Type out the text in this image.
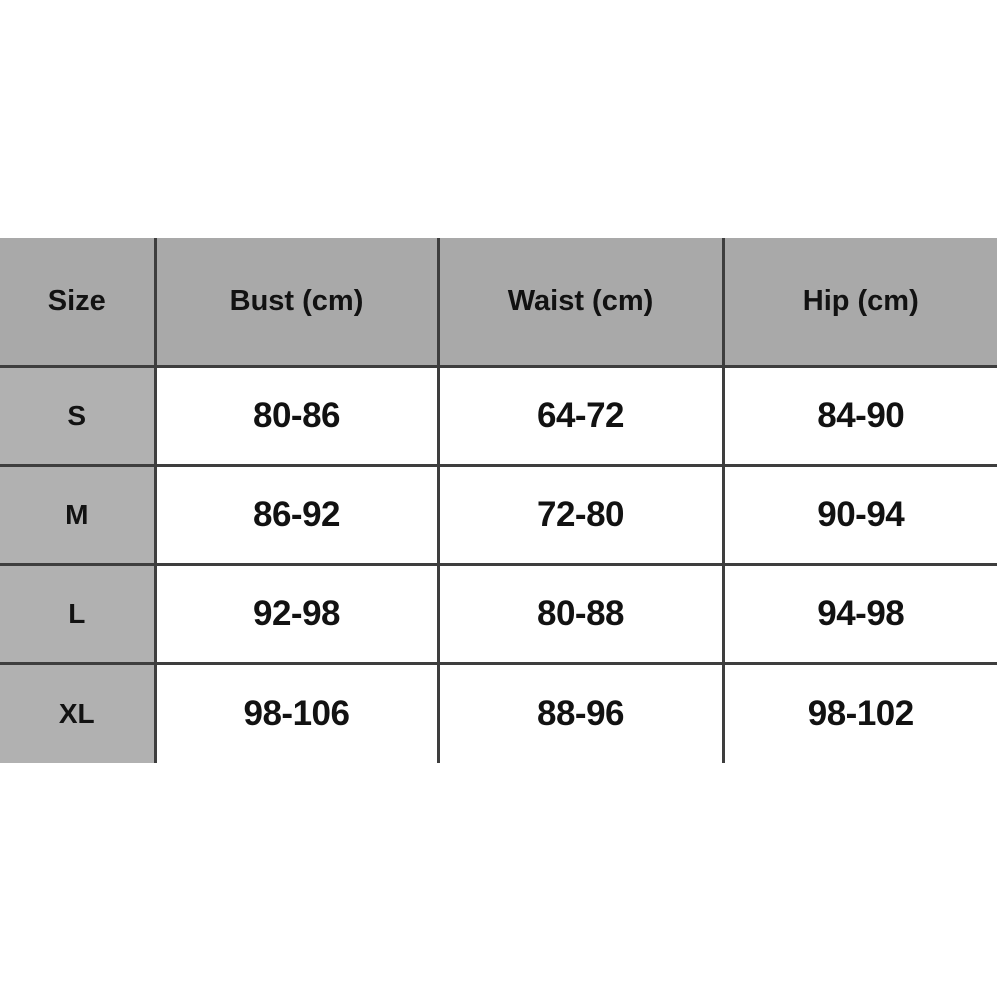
Size	Bust (cm)	Waist (cm)	Hip (cm)
S	80-86	64-72	84-90
M	86-92	72-80	90-94
L	92-98	80-88	94-98
XL	98-106	88-96	98-102
